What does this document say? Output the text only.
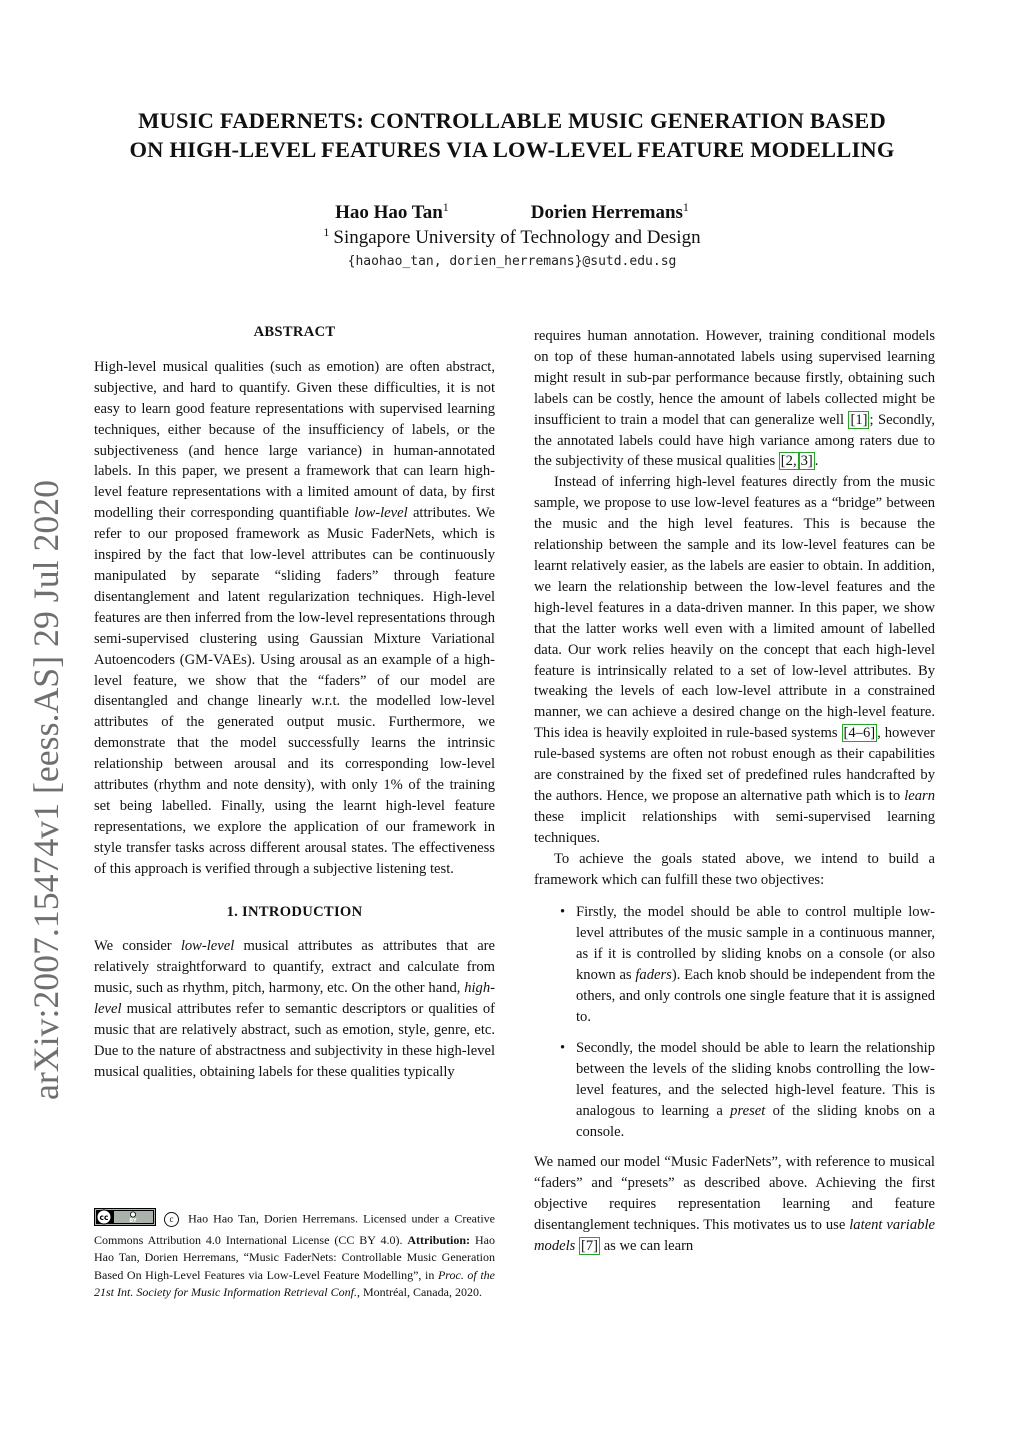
arXiv:2007.15474v1 [eess.AS] 29 Jul 2020
MUSIC FADERNETS: CONTROLLABLE MUSIC GENERATION BASED
ON HIGH-LEVEL FEATURES VIA LOW-LEVEL FEATURE MODELLING
Hao Hao Tan$^1$	Dorien Herremans$^1$
$^1$ Singapore University of Technology and Design
{haohao_tan, dorien_herremans}@sutd.edu.sg
ABSTRACT

High-level musical qualities (such as emotion) are often abstract, subjective, and hard to quantify. Given these difficulties, it is not easy to learn good feature representations with supervised learning techniques, either because of the insufficiency of labels, or the subjectiveness (and hence large variance) in human-annotated labels. In this paper, we present a framework that can learn high-level feature representations with a limited amount of data, by first modelling their corresponding quantifiable low-level attributes. We refer to our proposed framework as Music FaderNets, which is inspired by the fact that low-level attributes can be continuously manipulated by separate “sliding faders” through feature disentanglement and latent regularization techniques. High-level features are then inferred from the low-level representations through semi-supervised clustering using Gaussian Mixture Variational Autoencoders (GM-VAEs). Using arousal as an example of a high-level feature, we show that the “faders” of our model are disentangled and change linearly w.r.t. the modelled low-level attributes of the generated output music. Furthermore, we demonstrate that the model successfully learns the intrinsic relationship between arousal and its corresponding low-level attributes (rhythm and note density), with only 1% of the training set being labelled. Finally, using the learnt high-level feature representations, we explore the application of our framework in style transfer tasks across different arousal states. The effectiveness of this approach is verified through a subjective listening test.

1. INTRODUCTION

We consider low-level musical attributes as attributes that are relatively straightforward to quantify, extract and calculate from music, such as rhythm, pitch, harmony, etc. On the other hand, high-level musical attributes refer to semantic descriptors or qualities of music that are relatively abstract, such as emotion, style, genre, etc. Due to the nature of abstractness and subjectivity in these high-level musical qualities, obtaining labels for these qualities typically

cc	BY	c Hao Hao Tan, Dorien Herremans. Licensed under a Creative Commons Attribution 4.0 International License (CC BY 4.0). Attribution: Hao Hao Tan, Dorien Herremans, “Music FaderNets: Controllable Music Generation Based On High-Level Features via Low-Level Feature Modelling”, in Proc. of the 21st Int. Society for Music Information Retrieval Conf., Montréal, Canada, 2020.

requires human annotation. However, training conditional models on top of these human-annotated labels using supervised learning might result in sub-par performance because firstly, obtaining such labels can be costly, hence the amount of labels collected might be insufficient to train a model that can generalize well [1] ; Secondly, the annotated labels could have high variance among raters due to the subjectivity of these musical qualities [2, 3] .

Instead of inferring high-level features directly from the music sample, we propose to use low-level features as a “bridge” between the music and the high level features. This is because the relationship between the sample and its low-level features can be learnt relatively easier, as the labels are easier to obtain. In addition, we learn the relationship between the low-level features and the high-level features in a data-driven manner. In this paper, we show that the latter works well even with a limited amount of labelled data. Our work relies heavily on the concept that each high-level feature is intrinsically related to a set of low-level attributes. By tweaking the levels of each low-level attribute in a constrained manner, we can achieve a desired change on the high-level feature. This idea is heavily exploited in rule-based systems [4–6] , however rule-based systems are often not robust enough as their capabilities are constrained by the fixed set of predefined rules handcrafted by the authors. Hence, we propose an alternative path which is to learn these implicit relationships with semi-supervised learning techniques.

To achieve the goals stated above, we intend to build a framework which can fulfill these two objectives:

• Firstly, the model should be able to control multiple low-level attributes of the music sample in a continuous manner, as if it is controlled by sliding knobs on a console (or also known as faders). Each knob should be independent from the others, and only controls one single feature that it is assigned to.
• Secondly, the model should be able to learn the relationship between the levels of the sliding knobs controlling the low-level features, and the selected high-level feature. This is analogous to learning a preset of the sliding knobs on a console.

We named our model “Music FaderNets”, with reference to musical “faders” and “presets” as described above. Achieving the first objective requires representation learning and feature disentanglement techniques. This motivates us to use latent variable models [7] as we can learn
